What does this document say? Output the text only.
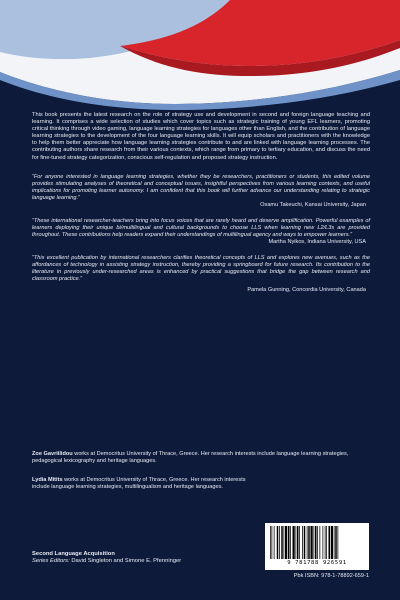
This book presents the latest research on the role of strategy use and development in second and foreign language teaching and learning. It comprises a wide selection of studies which cover topics such as strategic training of young EFL learners, promoting critical thinking through video gaming, language learning strategies for languages other than English, and the contribution of language learning strategies to the development of the four language learning skills. It will equip scholars and practitioners with the knowledge to help them better appreciate how language learning strategies contribute to and are linked with language learning processes. The contributing authors share research from their various contexts, which range from primary to tertiary education, and discuss the need for fine-tuned strategy categorization, conscious self-regulation and proposed strategy instruction.

“For anyone interested in language learning strategies, whether they be researchers, practitioners or students, this edited volume provides stimulating analyses of theoretical and conceptual issues, insightful perspectives from various learning contexts, and useful implications for promoting learner autonomy. I am confident that this book will further advance our understanding relating to strategic language learning.”

Osamu Takeuchi, Kansai University, Japan

“These international researcher-teachers bring into focus voices that are rarely heard and deserve amplification. Powerful examples of learners deploying their unique bi/multilingual and cultural backgrounds to choose LLS when learning new L2/L3s are provided throughout. These contributions help readers expand their understandings of multilingual agency and ways to empower learners.”

Martha Nyikos, Indiana University, USA

“This excellent publication by international researchers clarifies theoretical concepts of LLS and explores new avenues, such as the affordances of technology in assisting strategy instruction, thereby providing a springboard for future research. Its contribution to the literature in previously under-researched areas is enhanced by practical suggestions that bridge the gap between research and classroom practice.”

Pamela Gunning, Concordia University, Canada

Zoe Gavriilidou works at Democritus University of Thrace, Greece. Her research interests include language learning strategies, pedagogical lexicography and heritage languages.

Lydia Mitits works at Democritus University of Thrace, Greece. Her research interests include language learning strategies, multilingualism and heritage languages.

Second Language Acquisition
Series Editors: David Singleton and Simone E. Pfenninger	9 781788 926591
Pbk ISBN: 978-1-78892-659-1
